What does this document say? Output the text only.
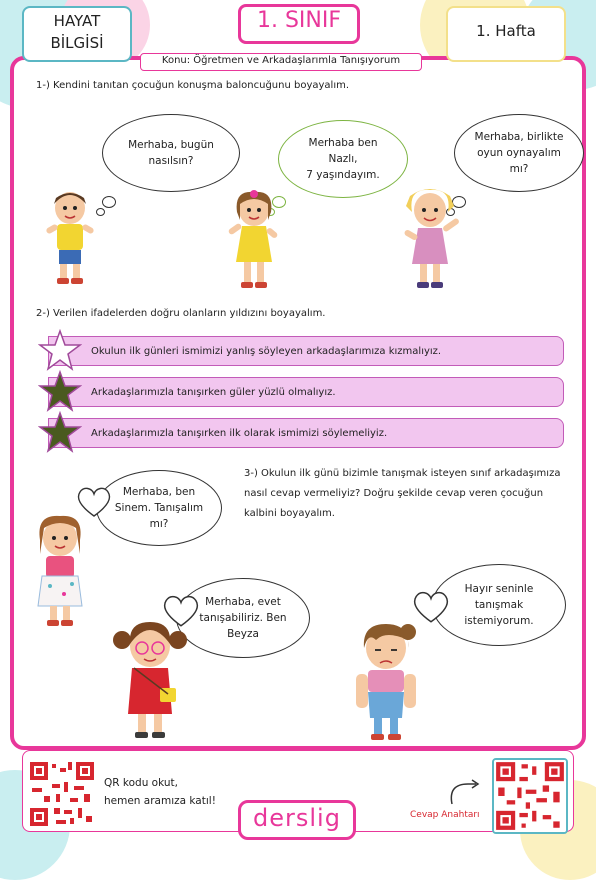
HAYAT
BİLGİSİ
1. SINIF	1. Hafta
Konu: Öğretmen ve Arkadaşlarımla Tanışıyorum
1-) Kendini tanıtan çocuğun konuşma baloncuğunu boyayalım.
Merhaba, bugün
nasılsın?
Merhaba ben Nazlı,
7 yaşındayım.
Merhaba, birlikte
oyun oynayalım mı?
2-) Verilen ifadelerden doğru olanların yıldızını boyayalım.
Okulun ilk günleri ismimizi yanlış söyleyen arkadaşlarımıza kızmalıyız.
Arkadaşlarımızla tanışırken güler yüzlü olmalıyız.
Arkadaşlarımızla tanışırken ilk olarak ismimizi söylemeliyiz.
3-) Okulun ilk günü bizimle tanışmak isteyen sınıf arkadaşımıza
nasıl cevap vermeliyiz? Doğru şekilde cevap veren çocuğun
kalbini boyayalım.
Merhaba, ben
Sinem. Tanışalım
mı?
Merhaba, evet
tanışabiliriz. Ben
Beyza
Hayır seninle
tanışmak
istemiyorum.
QR kodu okut,
hemen aramıza katıl!
derslig	Cevap Anahtarı
